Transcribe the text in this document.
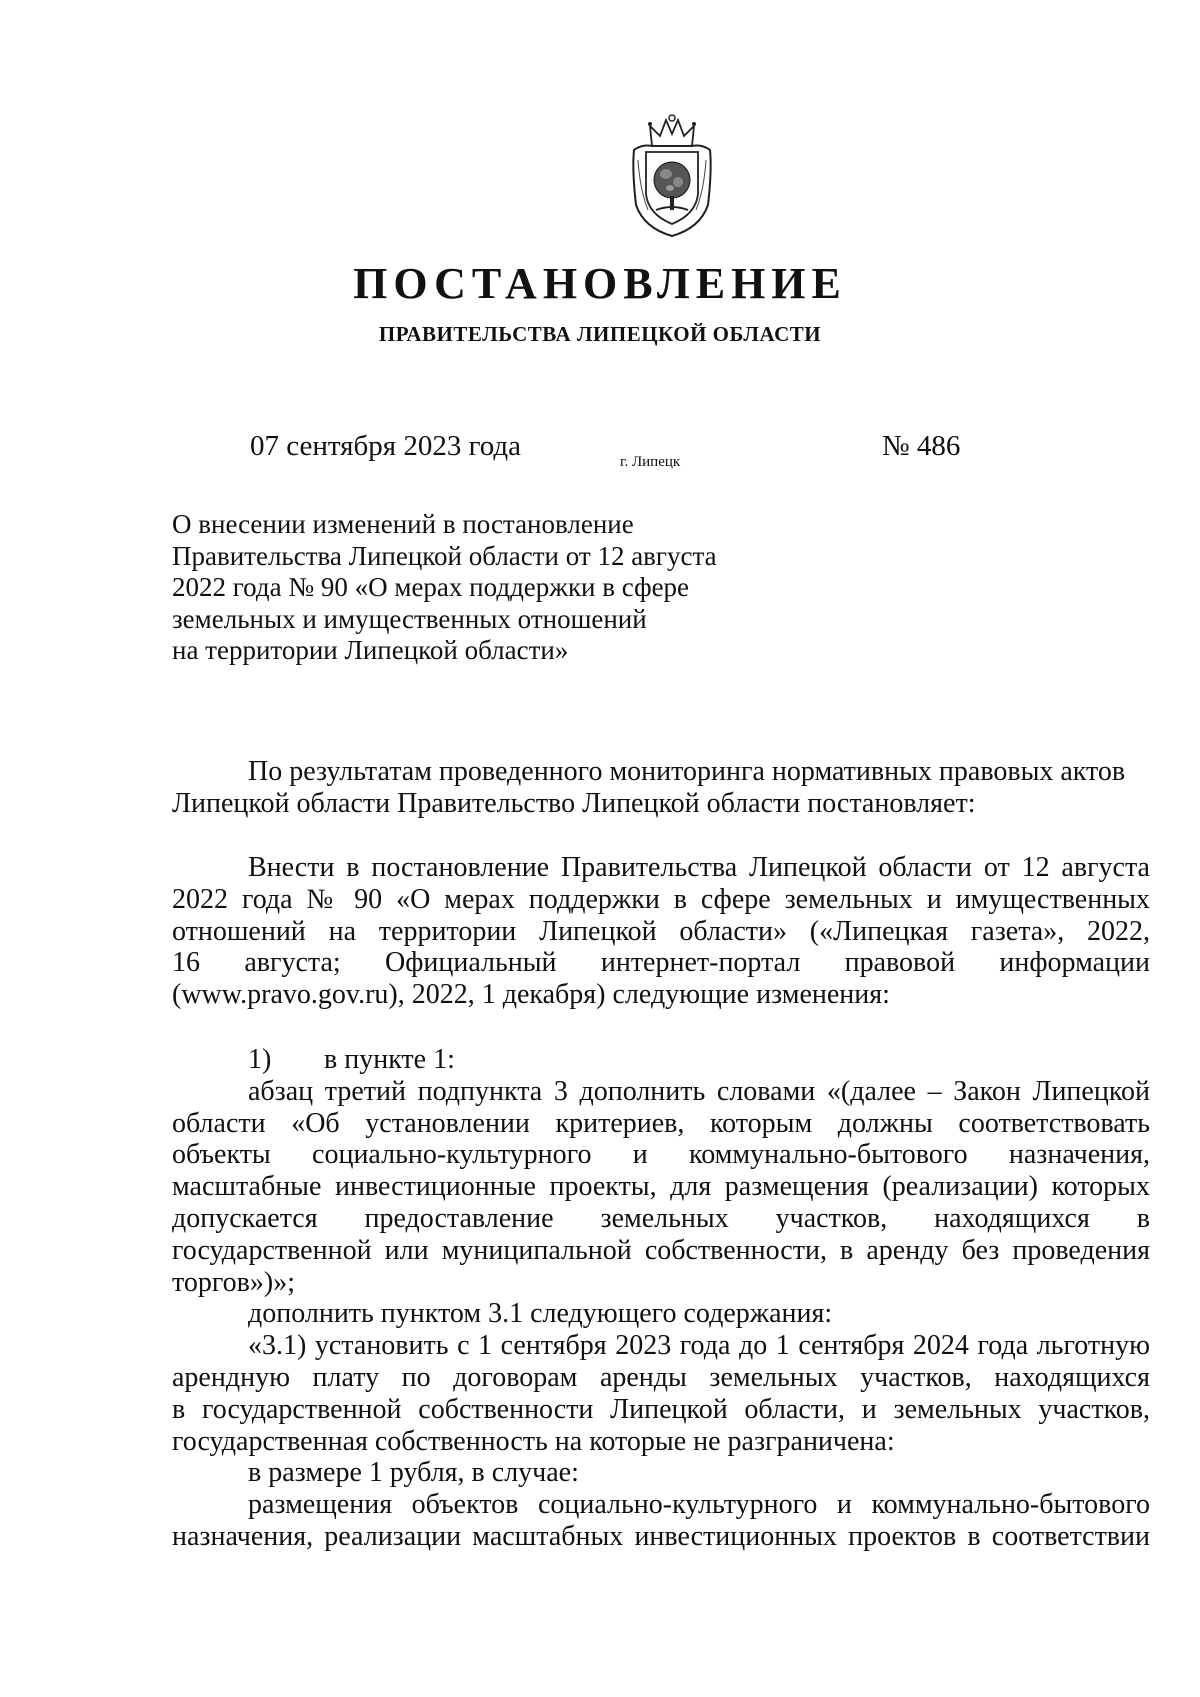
ПОСТАНОВЛЕНИЕ
ПРАВИТЕЛЬСТВА ЛИПЕЦКОЙ ОБЛАСТИ
07 сентября 2023 года	г. Липецк	№ 486
О внесении изменений в постановление
Правительства Липецкой области от 12 августа
2022 года № 90 «О мерах поддержки в сфере
земельных и имущественных отношений
на территории Липецкой области»
По результатам проведенного мониторинга нормативных правовых актов
Липецкой области Правительство Липецкой области постановляет:
Внести в постановление Правительства Липецкой области от 12 августа
2022 года № 90 «О мерах поддержки в сфере земельных и имущественных
отношений на территории Липецкой области» («Липецкая газета», 2022,
16 августа; Официальный интернет-портал правовой информации
(www.pravo.gov.ru), 2022, 1 декабря) следующие изменения:
1) в пункте 1:
абзац третий подпункта 3 дополнить словами «(далее – Закон Липецкой
области «Об установлении критериев, которым должны соответствовать
объекты социально-культурного и коммунально-бытового назначения,
масштабные инвестиционные проекты, для размещения (реализации) которых
допускается предоставление земельных участков, находящихся в
государственной или муниципальной собственности, в аренду без проведения
торгов»)»;
дополнить пунктом 3.1 следующего содержания:
«3.1) установить с 1 сентября 2023 года до 1 сентября 2024 года льготную
арендную плату по договорам аренды земельных участков, находящихся
в государственной собственности Липецкой области, и земельных участков,
государственная собственность на которые не разграничена:
в размере 1 рубля, в случае:
размещения объектов социально-культурного и коммунально-бытового
назначения, реализации масштабных инвестиционных проектов в соответствии
